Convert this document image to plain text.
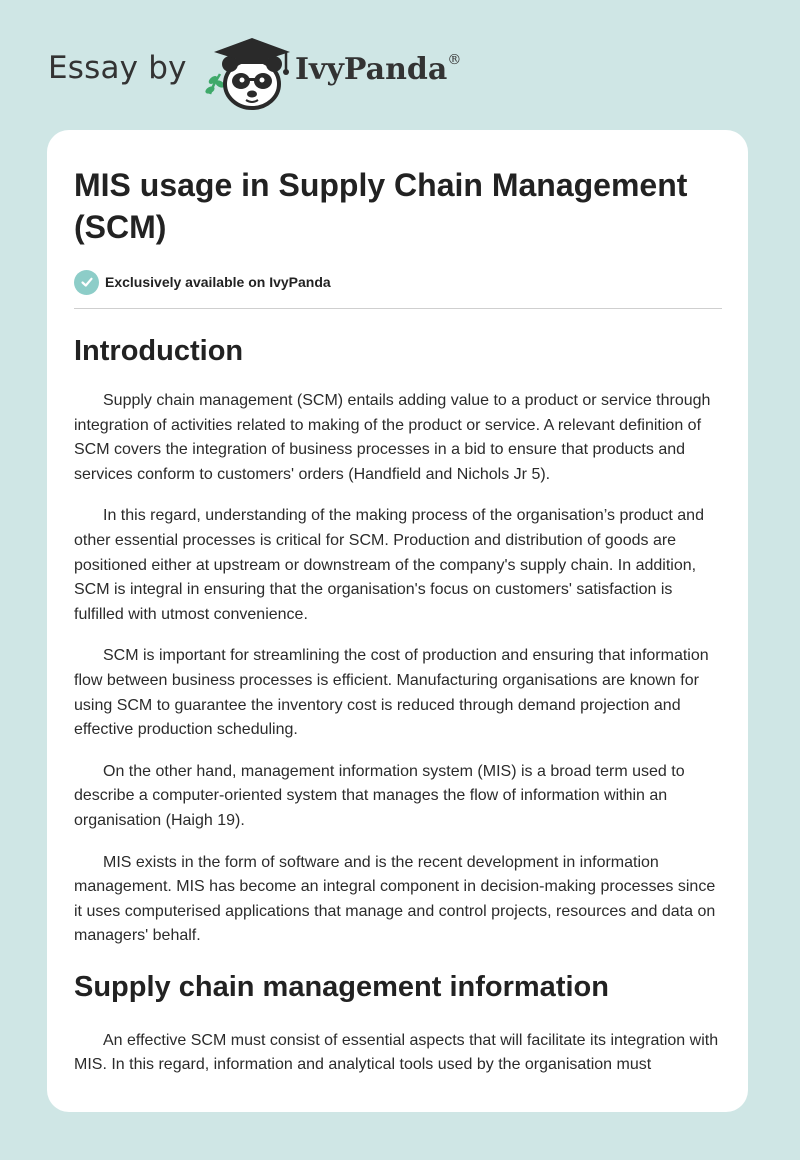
Essay by	IvyPanda®
MIS usage in Supply Chain Management (SCM)
Exclusively available on IvyPanda
Introduction

Supply chain management (SCM) entails adding value to a product or service through integration of activities related to making of the product or service. A relevant definition of SCM covers the integration of business processes in a bid to ensure that products and services conform to customers' orders (Handfield and Nichols Jr 5).

In this regard, understanding of the making process of the organisation’s product and other essential processes is critical for SCM. Production and distribution of goods are positioned either at upstream or downstream of the company's supply chain. In addition, SCM is integral in ensuring that the organisation's focus on customers' satisfaction is fulfilled with utmost convenience.

SCM is important for streamlining the cost of production and ensuring that information flow between business processes is efficient. Manufacturing organisations are known for using SCM to guarantee the inventory cost is reduced through demand projection and effective production scheduling.

On the other hand, management information system (MIS) is a broad term used to describe a computer-oriented system that manages the flow of information within an organisation (Haigh 19).

MIS exists in the form of software and is the recent development in information management. MIS has become an integral component in decision-making processes since it uses computerised applications that manage and control projects, resources and data on managers' behalf.

Supply chain management information

An effective SCM must consist of essential aspects that will facilitate its integration with MIS. In this regard, information and analytical tools used by the organisation must
